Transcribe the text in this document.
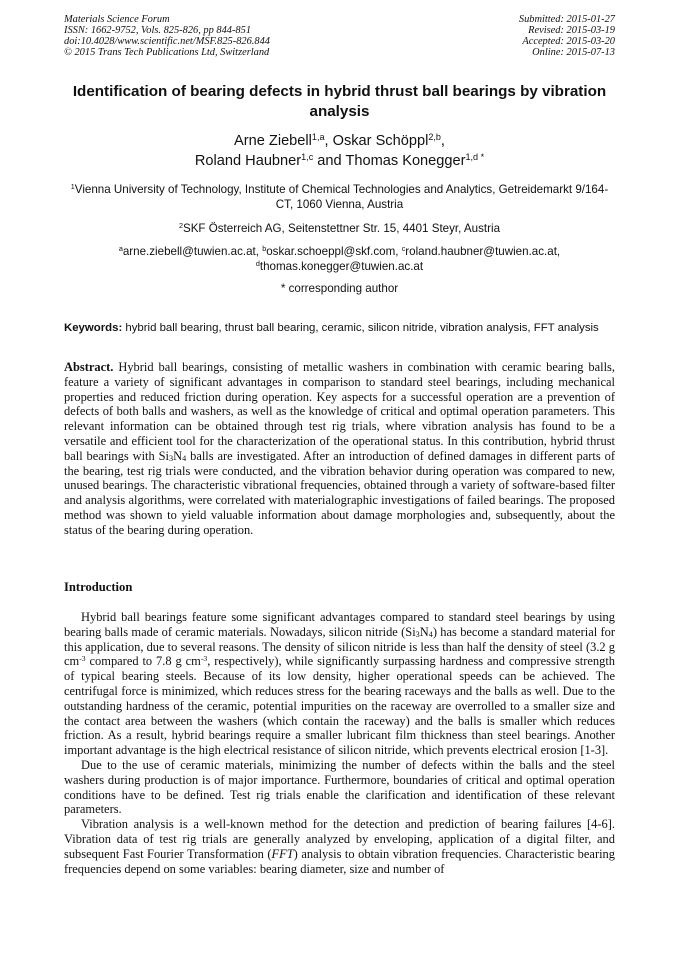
Materials Science Forum
ISSN: 1662-9752, Vols. 825-826, pp 844-851
doi:10.4028/www.scientific.net/MSF.825-826.844
© 2015 Trans Tech Publications Ltd, Switzerland
Submitted: 2015-01-27
Revised: 2015-03-19
Accepted: 2015-03-20
Online: 2015-07-13
Identification of bearing defects in hybrid thrust ball bearings by vibration analysis
Arne Ziebell$^{1,a}$, Oskar Schöppl$^{2,b}$,
Roland Haubner$^{1,c}$ and Thomas Konegger$^{1,d *}$
$^1$Vienna University of Technology, Institute of Chemical Technologies and Analytics, Getreidemarkt 9/164-CT, 1060 Vienna, Austria
$^2$SKF Österreich AG, Seitenstettner Str. 15, 4401 Steyr, Austria
$^a$arne.ziebell@tuwien.ac.at, $^b$oskar.schoeppl@skf.com, $^c$roland.haubner@tuwien.ac.at,
$^d$thomas.konegger@tuwien.ac.at
* corresponding author
Keywords: hybrid ball bearing, thrust ball bearing, ceramic, silicon nitride, vibration analysis, FFT analysis
Abstract. Hybrid ball bearings, consisting of metallic washers in combination with ceramic bearing balls, feature a variety of significant advantages in comparison to standard steel bearings, including mechanical properties and reduced friction during operation. Key aspects for a successful operation are a prevention of defects of both balls and washers, as well as the knowledge of critical and optimal operation parameters. This relevant information can be obtained through test rig trials, where vibration analysis has found to be a versatile and efficient tool for the characterization of the operational status. In this contribution, hybrid thrust ball bearings with $Si_3N_4$ balls are investigated. After an introduction of defined damages in different parts of the bearing, test rig trials were conducted, and the vibration behavior during operation was compared to new, unused bearings. The characteristic vibrational frequencies, obtained through a variety of software-based filter and analysis algorithms, were correlated with materialographic investigations of failed bearings. The proposed method was shown to yield valuable information about damage morphologies and, subsequently, about the status of the bearing during operation.
Introduction

Hybrid ball bearings feature some significant advantages compared to standard steel bearings by using bearing balls made of ceramic materials. Nowadays, silicon nitride $(Si_3N_4)$ has become a standard material for this application, due to several reasons. The density of silicon nitride is less than half the density of steel (3.2 g $cm^{-3}$ compared to 7.8 g $cm^{-3}$, respectively), while significantly surpassing hardness and compressive strength of typical bearing steels. Because of its low density, higher operational speeds can be achieved. The centrifugal force is minimized, which reduces stress for the bearing raceways and the balls as well. Due to the outstanding hardness of the ceramic, potential impurities on the raceway are overrolled to a smaller size and the contact area between the washers (which contain the raceway) and the balls is smaller which reduces friction. As a result, hybrid bearings require a smaller lubricant film thickness than steel bearings. Another important advantage is the high electrical resistance of silicon nitride, which prevents electrical erosion [1-3].

Due to the use of ceramic materials, minimizing the number of defects within the balls and the steel washers during production is of major importance. Furthermore, boundaries of critical and optimal operation conditions have to be defined. Test rig trials enable the clarification and identification of these relevant parameters.

Vibration analysis is a well-known method for the detection and prediction of bearing failures [4-6]. Vibration data of test rig trials are generally analyzed by enveloping, application of a digital filter, and subsequent Fast Fourier Transformation (FFT) analysis to obtain vibration frequencies. Characteristic bearing frequencies depend on some variables: bearing diameter, size and number of
